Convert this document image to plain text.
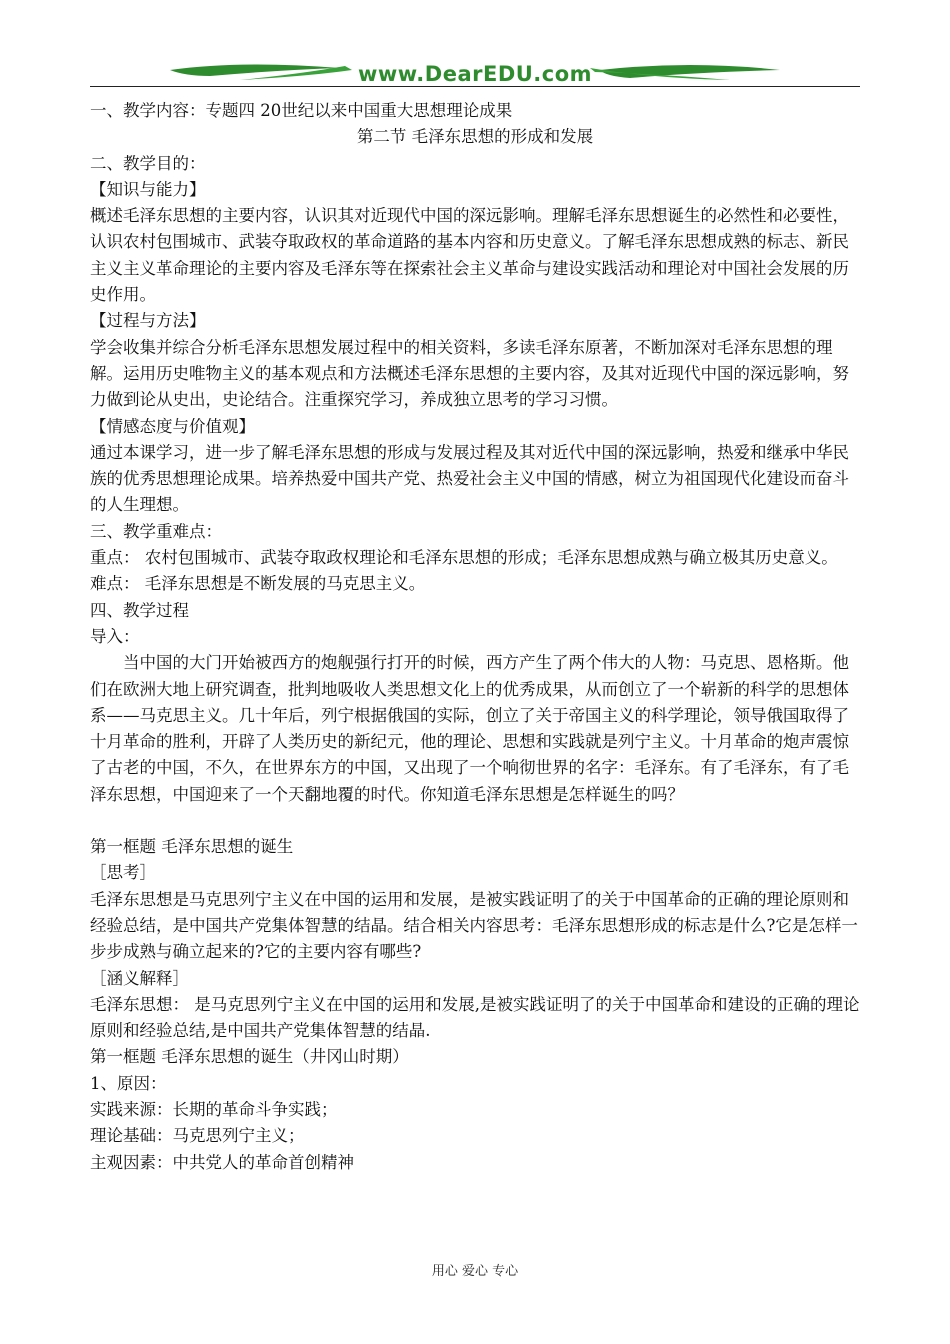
www.DearEDU.com

一、教学内容：专题四 20世纪以来中国重大思想理论成果

第二节 毛泽东思想的形成和发展

二、教学目的：

【知识与能力】

概述毛泽东思想的主要内容，认识其对近现代中国的深远影响。理解毛泽东思想诞生的必然性和必要性，认识农村包围城市、武装夺取政权的革命道路的基本内容和历史意义。了解毛泽东思想成熟的标志、新民主义主义革命理论的主要内容及毛泽东等在探索社会主义革命与建设实践活动和理论对中国社会发展的历史作用。

【过程与方法】

学会收集并综合分析毛泽东思想发展过程中的相关资料，多读毛泽东原著，不断加深对毛泽东思想的理解。运用历史唯物主义的基本观点和方法概述毛泽东思想的主要内容，及其对近现代中国的深远影响，努力做到论从史出，史论结合。注重探究学习，养成独立思考的学习习惯。

【情感态度与价值观】

通过本课学习，进一步了解毛泽东思想的形成与发展过程及其对近代中国的深远影响，热爱和继承中华民族的优秀思想理论成果。培养热爱中国共产党、热爱社会主义中国的情感，树立为祖国现代化建设而奋斗的人生理想。

三、教学重难点：

重点： 农村包围城市、武装夺取政权理论和毛泽东思想的形成；毛泽东思想成熟与确立极其历史意义。

难点： 毛泽东思想是不断发展的马克思主义。

四、教学过程

导入：

当中国的大门开始被西方的炮舰强行打开的时候，西方产生了两个伟大的人物：马克思、恩格斯。他们在欧洲大地上研究调查，批判地吸收人类思想文化上的优秀成果，从而创立了一个崭新的科学的思想体系——马克思主义。几十年后，列宁根据俄国的实际，创立了关于帝国主义的科学理论，领导俄国取得了十月革命的胜利，开辟了人类历史的新纪元，他的理论、思想和实践就是列宁主义。十月革命的炮声震惊了古老的中国，不久，在世界东方的中国，又出现了一个响彻世界的名字：毛泽东。有了毛泽东，有了毛泽东思想，中国迎来了一个天翻地覆的时代。你知道毛泽东思想是怎样诞生的吗？

第一框题 毛泽东思想的诞生

［思考］

毛泽东思想是马克思列宁主义在中国的运用和发展，是被实践证明了的关于中国革命的正确的理论原则和经验总结，是中国共产党集体智慧的结晶。结合相关内容思考：毛泽东思想形成的标志是什么?它是怎样一步步成熟与确立起来的?它的主要内容有哪些?

［涵义解释］

毛泽东思想： 是马克思列宁主义在中国的运用和发展,是被实践证明了的关于中国革命和建设的正确的理论原则和经验总结,是中国共产党集体智慧的结晶.

第一框题 毛泽东思想的诞生（井冈山时期）

1、原因：

实践来源：长期的革命斗争实践；

理论基础：马克思列宁主义；

主观因素：中共党人的革命首创精神

用心 爱心 专心
